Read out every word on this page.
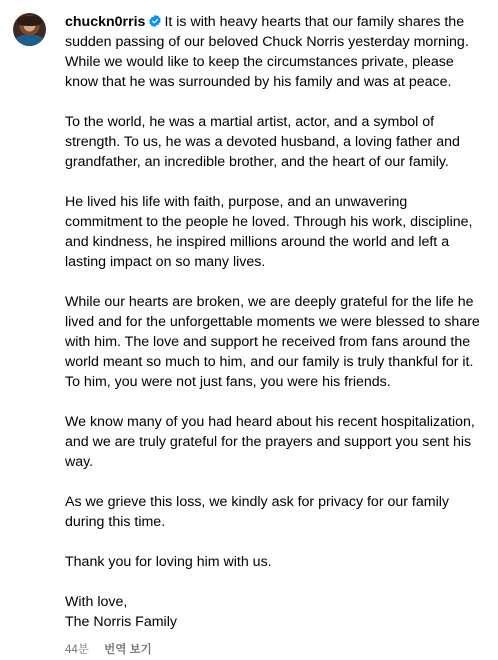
chuckn0rris It is with heavy hearts that our family shares the sudden passing of our beloved Chuck Norris yesterday morning. While we would like to keep the circumstances private, please know that he was surrounded by his family and was at peace.

To the world, he was a martial artist, actor, and a symbol of strength. To us, he was a devoted husband, a loving father and grandfather, an incredible brother, and the heart of our family.

He lived his life with faith, purpose, and an unwavering commitment to the people he loved. Through his work, discipline, and kindness, he inspired millions around the world and left a lasting impact on so many lives.

While our hearts are broken, we are deeply grateful for the life he lived and for the unforgettable moments we were blessed to share with him. The love and support he received from fans around the world meant so much to him, and our family is truly thankful for it. To him, you were not just fans, you were his friends.

We know many of you had heard about his recent hospitalization, and we are truly grateful for the prayers and support you sent his way.

As we grieve this loss, we kindly ask for privacy for our family during this time.

Thank you for loving him with us.

With love,

The Norris Family

44분 번역 보기
